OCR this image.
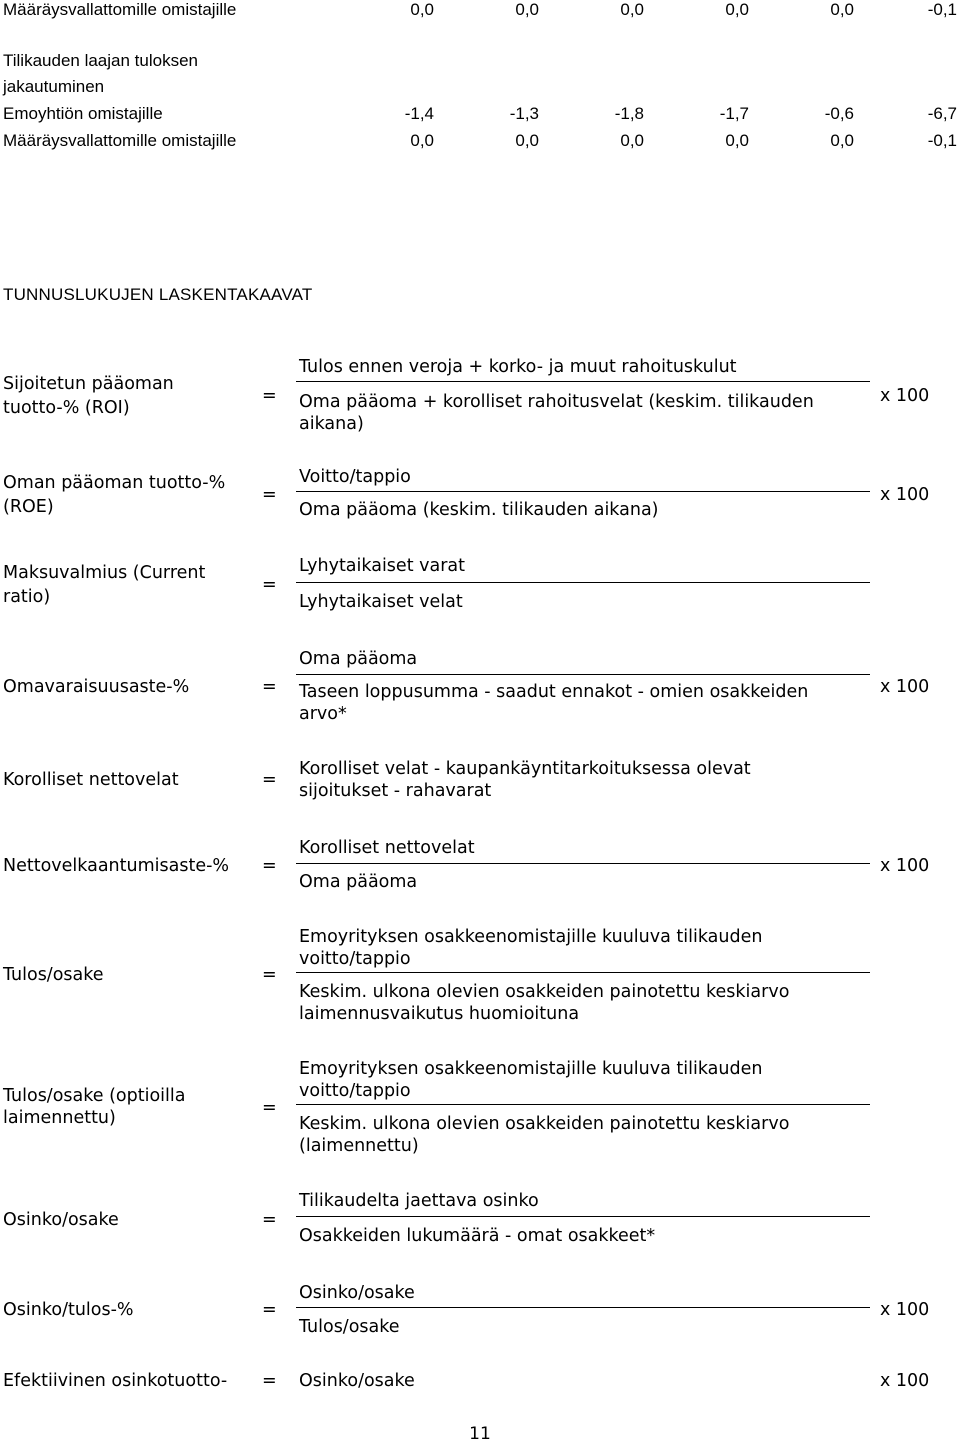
Määräysvallattomille omistajille	0,0	0,0	0,0	0,0	0,0	-0,1
Tilikauden laajan tuloksen
jakautuminen
Emoyhtiön omistajille	-1,4	-1,3	-1,8	-1,7	-0,6	-6,7
Määräysvallattomille omistajille	0,0	0,0	0,0	0,0	0,0	-0,1
TUNNUSLUKUJEN LASKENTAKAAVAT
Sijoitetun pääoman
tuotto-% (ROI)
=
Tulos ennen veroja + korko- ja muut rahoituskulut
Oma pääoma + korolliset rahoitusvelat (keskim. tilikauden
aikana)
x 100
Oman pääoman tuotto-%
(ROE)
=
Voitto/tappio
Oma pääoma (keskim. tilikauden aikana)
x 100
Maksuvalmius (Current
ratio)
=
Lyhytaikaiset varat
Lyhytaikaiset velat
Omavaraisuusaste-%	=
Oma pääoma
Taseen loppusumma - saadut ennakot - omien osakkeiden
arvo*
x 100
Korolliset nettovelat	=
Korolliset velat - kaupankäyntitarkoituksessa olevat
sijoitukset - rahavarat
Nettovelkaantumisaste-% =
Korolliset nettovelat
Oma pääoma
x 100
Tulos/osake	=
Emoyrityksen osakkeenomistajille kuuluva tilikauden
voitto/tappio
Keskim. ulkona olevien osakkeiden painotettu keskiarvo
laimennusvaikutus huomioituna
Tulos/osake (optioilla
laimennettu)	=
Emoyrityksen osakkeenomistajille kuuluva tilikauden
voitto/tappio
Keskim. ulkona olevien osakkeiden painotettu keskiarvo
(laimennettu)
Osinko/osake	=
Tilikaudelta jaettava osinko
Osakkeiden lukumäärä - omat osakkeet*
Osinko/tulos-%	=
Osinko/osake
Tulos/osake
x 100
Efektiivinen osinkotuotto- = Osinko/osake	x 100
11
